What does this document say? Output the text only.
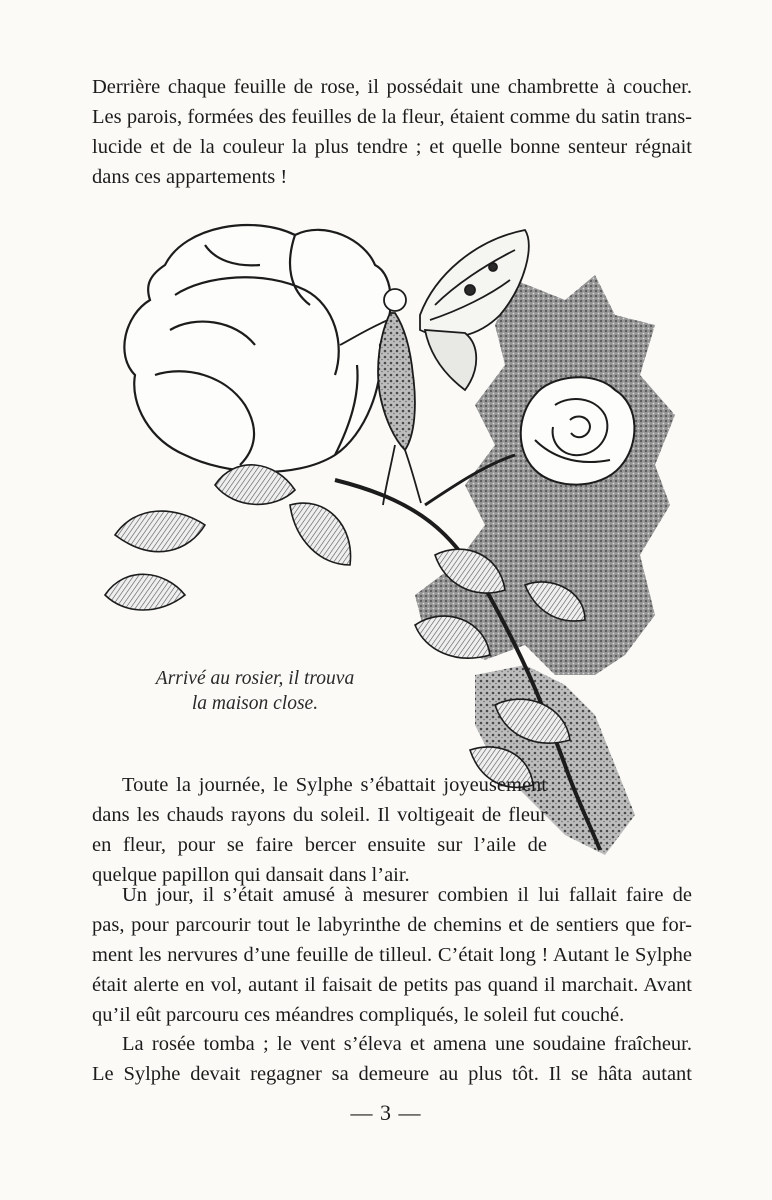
Derrière chaque feuille de rose, il possédait une chambrette à coucher.
Les parois, formées des feuilles de la fleur, étaient comme du satin trans-
lucide et de la couleur la plus tendre ; et quelle bonne senteur régnait
dans ces appartements !

Arrivé au rosier, il trouva
la maison close.

Toute la journée, le Sylphe s’ébattait joyeusement
dans les chauds rayons du soleil. Il voltigeait de fleur
en fleur, pour se faire bercer ensuite sur l’aile de
quelque papillon qui dansait dans l’air.

Un jour, il s’était amusé à mesurer combien il lui fallait faire de
pas, pour parcourir tout le labyrinthe de chemins et de sentiers que for-
ment les nervures d’une feuille de tilleul. C’était long ! Autant le Sylphe
était alerte en vol, autant il faisait de petits pas quand il marchait. Avant
qu’il eût parcouru ces méandres compliqués, le soleil fut couché.

La rosée tomba ; le vent s’éleva et amena une soudaine fraîcheur.
Le Sylphe devait regagner sa demeure au plus tôt. Il se hâta autant

— 3 —
